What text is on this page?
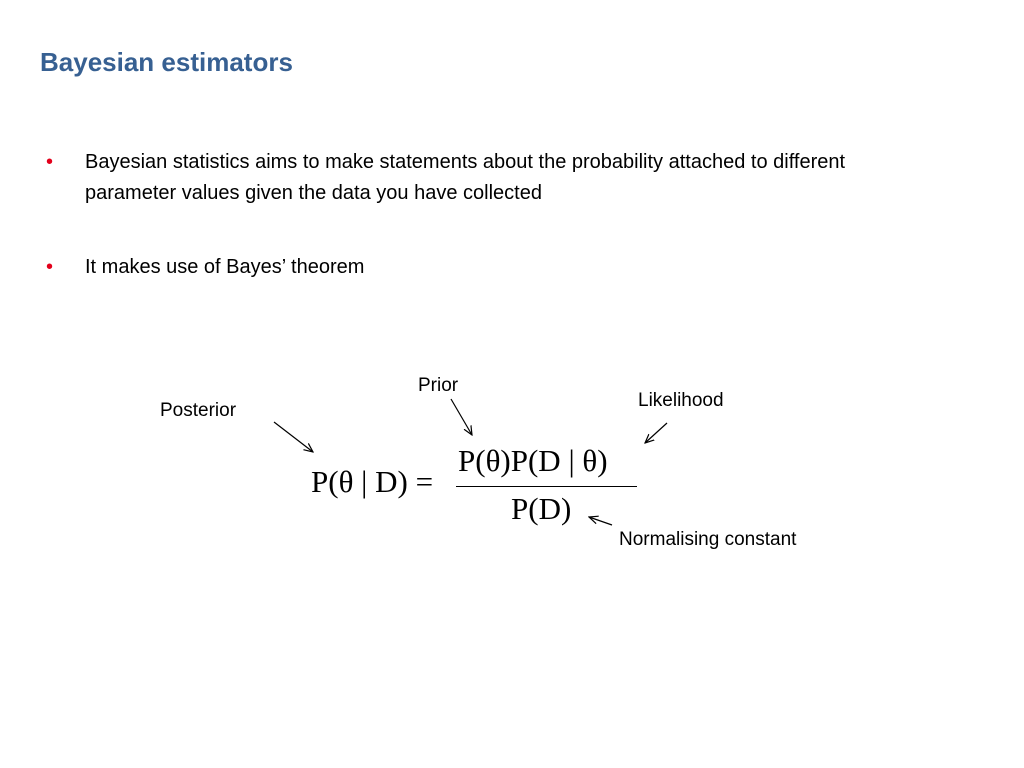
Bayesian estimators
• Bayesian statistics aims to make statements about the probability attached to different parameter values given the data you have collected
• It makes use of Bayes’ theorem
Prior
Posterior	Likelihood
Normalising constant
P(θ | D) =
P(θ)P(D | θ)
P(D)
